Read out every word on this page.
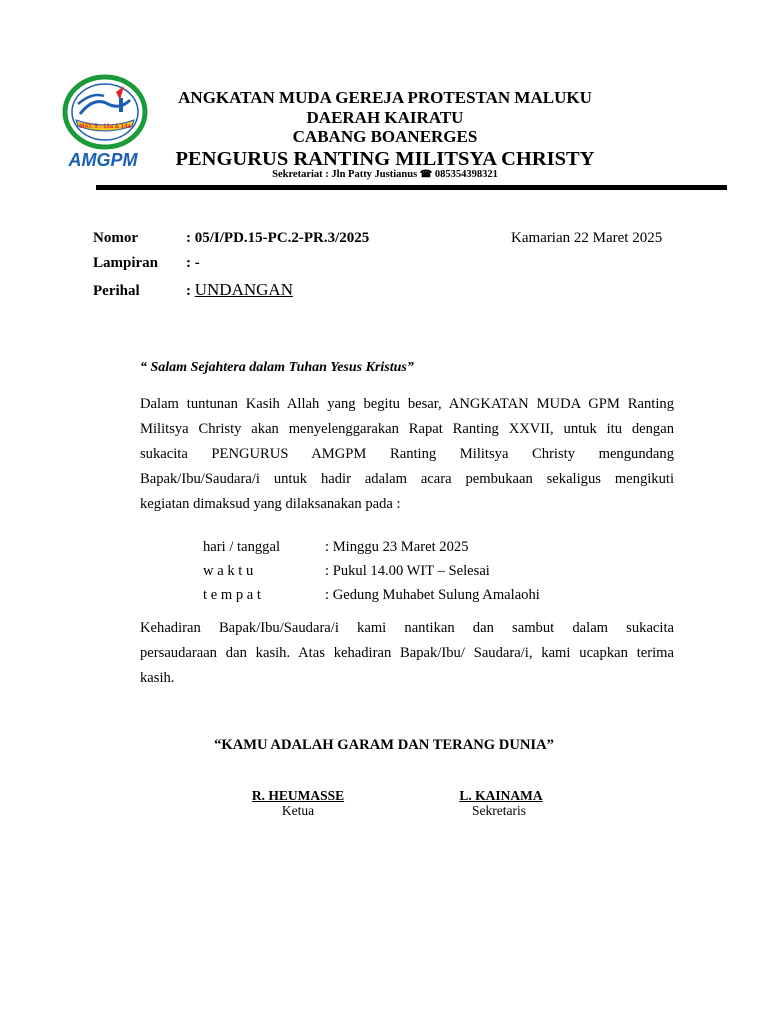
MAT. 5 : 13a & 14a
AMGPM
ANGKATAN MUDA GEREJA PROTESTAN MALUKU
DAERAH KAIRATU
CABANG BOANERGES
PENGURUS RANTING MILITSYA CHRISTY
Sekretariat : Jln Patty Justianus ☎ 085354398321
Nomor	: 05/I/PD.15-PC.2-PR.3/2025	Kamarian 22 Maret 2025
Lampiran : -
Perihal	: UNDANGAN
“ Salam Sejahtera dalam Tuhan Yesus Kristus”
Dalam tuntunan Kasih Allah yang begitu besar, ANGKATAN MUDA GPM Ranting
Militsya Christy akan menyelenggarakan Rapat Ranting XXVII, untuk itu dengan
sukacita PENGURUS AMGPM Ranting Militsya Christy mengundang
Bapak/Ibu/Saudara/i untuk hadir adalam acara pembukaan sekaligus mengikuti
kegiatan dimaksud yang dilaksanakan pada :
hari / tanggal	: Minggu 23 Maret 2025
w a k t u	: Pukul 14.00 WIT – Selesai
t e m p a t	: Gedung Muhabet Sulung Amalaohi
Kehadiran Bapak/Ibu/Saudara/i kami nantikan dan sambut dalam sukacita
persaudaraan dan kasih. Atas kehadiran Bapak/Ibu/ Saudara/i, kami ucapkan terima
kasih.
“KAMU ADALAH GARAM DAN TERANG DUNIA”
R. HEUMASSE
Ketua
L. KAINAMA
Sekretaris
